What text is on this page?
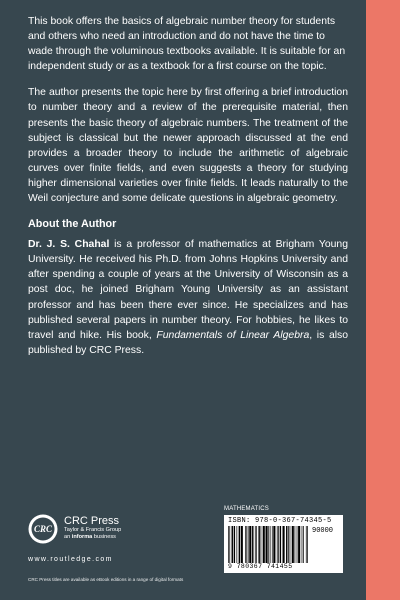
This book offers the basics of algebraic number theory for students and others who need an introduction and do not have the time to wade through the voluminous textbooks available. It is suitable for an independent study or as a textbook for a first course on the topic.

The author presents the topic here by first offering a brief introduction to number theory and a review of the prerequisite material, then presents the basic theory of algebraic numbers. The treatment of the subject is classical but the newer approach discussed at the end provides a broader theory to include the arithmetic of algebraic curves over finite fields, and even suggests a theory for studying higher dimensional varieties over finite fields. It leads naturally to the Weil conjecture and some delicate questions in algebraic geometry.

About the Author

Dr. J. S. Chahal is a professor of mathematics at Brigham Young University. He received his Ph.D. from Johns Hopkins University and after spending a couple of years at the University of Wisconsin as a post doc, he joined Brigham Young University as an assistant professor and has been there ever since. He specializes and has published several papers in number theory. For hobbies, he likes to travel and hike. His book, Fundamentals of Linear Algebra, is also published by CRC Press.

CRC
CRC Press
Taylor & Francis Group
an informa business
www.routledge.com
CRC Press titles are available as eBook editions in a range of digital formats
MATHEMATICS
ISBN: 978-0-367-74345-5
90000
9 780367 741455
